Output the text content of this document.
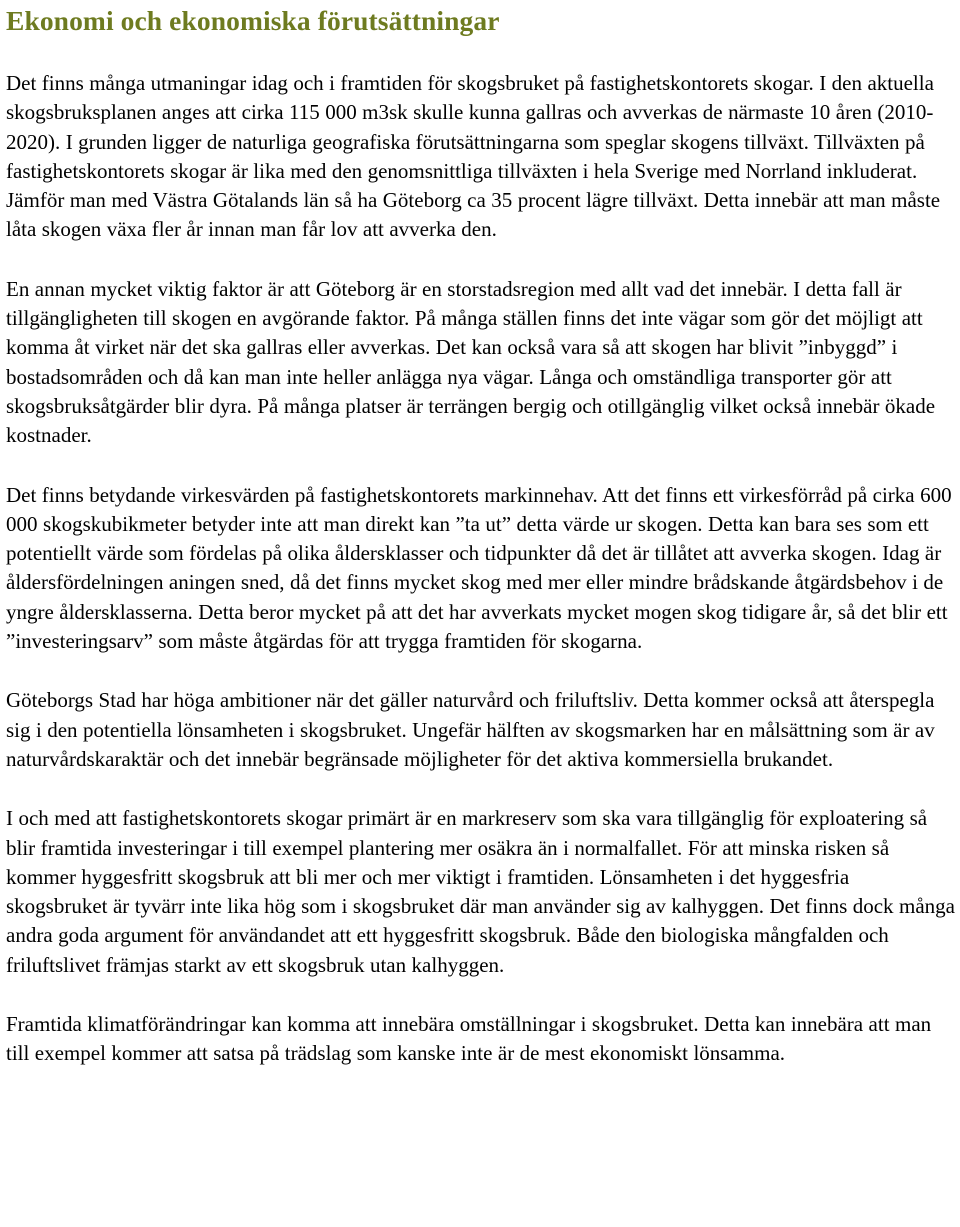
Ekonomi och ekonomiska förutsättningar

Det finns många utmaningar idag och i framtiden för skogsbruket på fastighetskontorets skogar. I den aktuella skogsbruksplanen anges att cirka 115 000 m3sk skulle kunna gallras och avverkas de närmaste 10 åren (2010-2020). I grunden ligger de naturliga geografiska förutsättningarna som speglar skogens tillväxt. Tillväxten på fastighetskontorets skogar är lika med den genomsnittliga tillväxten i hela Sverige med Norrland inkluderat. Jämför man med Västra Götalands län så ha Göteborg ca 35 procent lägre tillväxt. Detta innebär att man måste låta skogen växa fler år innan man får lov att avverka den.

En annan mycket viktig faktor är att Göteborg är en storstadsregion med allt vad det innebär. I detta fall är tillgängligheten till skogen en avgörande faktor. På många ställen finns det inte vägar som gör det möjligt att komma åt virket när det ska gallras eller avverkas. Det kan också vara så att skogen har blivit ”inbyggd” i bostadsområden och då kan man inte heller anlägga nya vägar. Långa och omständliga transporter gör att skogsbruksåtgärder blir dyra. På många platser är terrängen bergig och otillgänglig vilket också innebär ökade kostnader.

Det finns betydande virkesvärden på fastighetskontorets markinnehav. Att det finns ett virkesförråd på cirka 600 000 skogskubikmeter betyder inte att man direkt kan ”ta ut” detta värde ur skogen. Detta kan bara ses som ett potentiellt värde som fördelas på olika åldersklasser och tidpunkter då det är tillåtet att avverka skogen. Idag är åldersfördelningen aningen sned, då det finns mycket skog med mer eller mindre brådskande åtgärdsbehov i de yngre åldersklasserna. Detta beror mycket på att det har avverkats mycket mogen skog tidigare år, så det blir ett ”investeringsarv” som måste åtgärdas för att trygga framtiden för skogarna.

Göteborgs Stad har höga ambitioner när det gäller naturvård och friluftsliv. Detta kommer också att återspegla sig i den potentiella lönsamheten i skogsbruket. Ungefär hälften av skogsmarken har en målsättning som är av naturvårdskaraktär och det innebär begränsade möjligheter för det aktiva kommersiella brukandet.

I och med att fastighetskontorets skogar primärt är en markreserv som ska vara tillgänglig för exploatering så blir framtida investeringar i till exempel plantering mer osäkra än i normalfallet. För att minska risken så kommer hyggesfritt skogsbruk att bli mer och mer viktigt i framtiden. Lönsamheten i det hyggesfria skogsbruket är tyvärr inte lika hög som i skogsbruket där man använder sig av kalhyggen. Det finns dock många andra goda argument för användandet att ett hyggesfritt skogsbruk. Både den biologiska mångfalden och friluftslivet främjas starkt av ett skogsbruk utan kalhyggen.

Framtida klimatförändringar kan komma att innebära omställningar i skogsbruket. Detta kan innebära att man till exempel kommer att satsa på trädslag som kanske inte är de mest ekonomiskt lönsamma.
